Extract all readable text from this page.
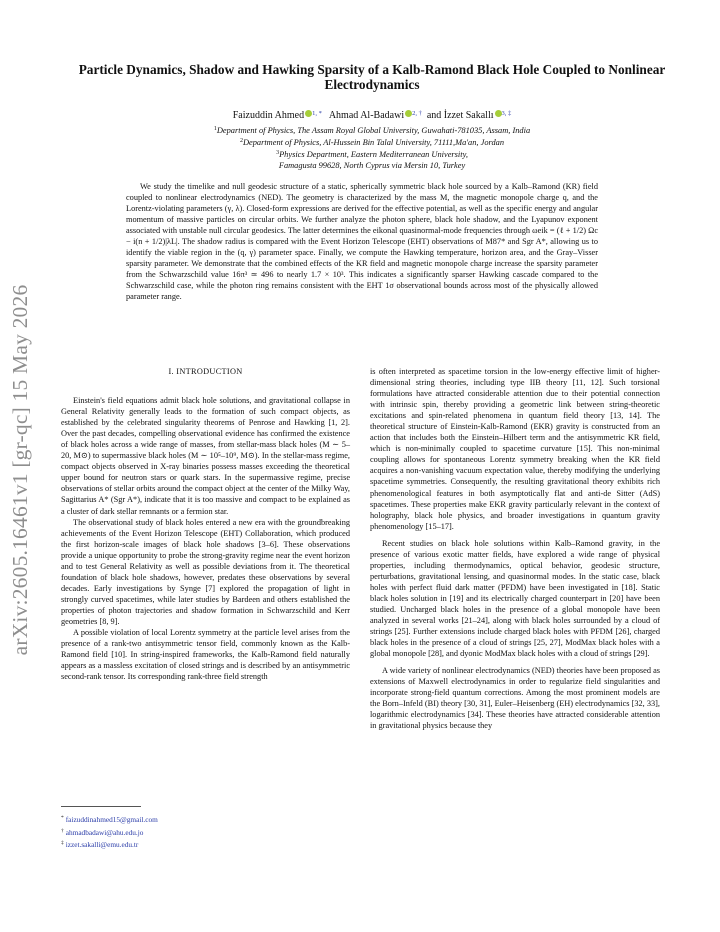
arXiv:2605.16461v1 [gr-qc] 15 May 2026
Particle Dynamics, Shadow and Hawking Sparsity of a Kalb-Ramond Black Hole Coupled to Nonlinear Electrodynamics
Faizuddin Ahmed $^{1, *}$ Ahmad Al-Badawi $^{2, \dagger}$ and İzzet Sakallı $^{3, \ddagger}$
$^1$Department of Physics, The Assam Royal Global University, Guwahati-781035, Assam, India
$^2$Department of Physics, Al-Hussein Bin Talal University, 71111,Ma'an, Jordan
$^3$Physics Department, Eastern Mediterranean University,
Famagusta 99628, North Cyprus via Mersin 10, Turkey
We study the timelike and null geodesic structure of a static, spherically symmetric black hole sourced by a Kalb–Ramond (KR) field coupled to nonlinear electrodynamics (NED). The geometry is characterized by the mass M, the magnetic monopole charge q, and the Lorentz-violating parameters (γ, λ). Closed-form expressions are derived for the effective potential, as well as the specific energy and angular momentum of massive particles on circular orbits. We further analyze the photon sphere, black hole shadow, and the Lyapunov exponent associated with unstable null circular geodesics. The latter determines the eikonal quasinormal-mode frequencies through ωeik = (ℓ + 1/2) Ωc − i(n + 1/2)|λL|. The shadow radius is compared with the Event Horizon Telescope (EHT) observations of M87* and Sgr A*, allowing us to identify the viable region in the (q, γ) parameter space. Finally, we compute the Hawking temperature, horizon area, and the Gray–Visser sparsity parameter. We demonstrate that the combined effects of the KR field and magnetic monopole charge increase the sparsity parameter from the Schwarzschild value 16π³ ≃ 496 to nearly 1.7 × 10³. This indicates a significantly sparser Hawking cascade compared to the Schwarzschild case, while the photon ring remains consistent with the EHT 1σ observational bounds across most of the physically allowed parameter range.
I. INTRODUCTION

Einstein's field equations admit black hole solutions, and gravitational collapse in General Relativity generally leads to the formation of such compact objects, as established by the celebrated singularity theorems of Penrose and Hawking [1, 2]. Over the past decades, compelling observational evidence has confirmed the existence of black holes across a wide range of masses, from stellar-mass black holes (M ∼ 5–20, M⊙) to supermassive black holes (M ∼ 10⁵–10⁹, M⊙). In the stellar-mass regime, compact objects observed in X-ray binaries possess masses exceeding the theoretical upper bound for neutron stars or quark stars. In the supermassive regime, precise observations of stellar orbits around the compact object at the center of the Milky Way, Sagittarius A* (Sgr A*), indicate that it is too massive and compact to be explained as a cluster of dark stellar remnants or a fermion star.

The observational study of black holes entered a new era with the groundbreaking achievements of the Event Horizon Telescope (EHT) Collaboration, which produced the first horizon-scale images of black hole shadows [3–6]. These observations provide a unique opportunity to probe the strong-gravity regime near the event horizon and to test General Relativity as well as possible deviations from it. The theoretical foundation of black hole shadows, however, predates these observations by several decades. Early investigations by Synge [7] explored the propagation of light in strongly curved spacetimes, while later studies by Bardeen and others established the properties of photon trajectories and shadow formation in Schwarzschild and Kerr geometries [8, 9].

A possible violation of local Lorentz symmetry at the particle level arises from the presence of a rank-two antisymmetric tensor field, commonly known as the Kalb-Ramond field [10]. In string-inspired frameworks, the Kalb-Ramond field naturally appears as a massless excitation of closed strings and is described by an antisymmetric second-rank tensor. Its corresponding rank-three field strength

is often interpreted as spacetime torsion in the low-energy effective limit of higher-dimensional string theories, including type IIB theory [11, 12]. Such torsional formulations have attracted considerable attention due to their potential connection with intrinsic spin, thereby providing a geometric link between string-theoretic excitations and spin-related phenomena in quantum field theory [13, 14]. The theoretical structure of Einstein-Kalb-Ramond (EKR) gravity is constructed from an action that includes both the Einstein–Hilbert term and the antisymmetric KR field, which is non-minimally coupled to spacetime curvature [15]. This non-minimal coupling allows for spontaneous Lorentz symmetry breaking when the KR field acquires a non-vanishing vacuum expectation value, thereby modifying the underlying spacetime symmetries. Consequently, the resulting gravitational theory exhibits rich phenomenological features in both asymptotically flat and anti-de Sitter (AdS) spacetimes. These properties make EKR gravity particularly relevant in the context of holography, black hole physics, and broader investigations in quantum gravity phenomenology [15–17].

Recent studies on black hole solutions within Kalb–Ramond gravity, in the presence of various exotic matter fields, have explored a wide range of physical properties, including thermodynamics, optical behavior, geodesic structure, perturbations, gravitational lensing, and quasinormal modes. In the static case, black holes with perfect fluid dark matter (PFDM) have been investigated in [18]. Static black holes solution in [19] and its electrically charged counterpart in [20] have been studied. Uncharged black holes in the presence of a global monopole have been analyzed in several works [21–24], along with black holes surrounded by a cloud of strings [25]. Further extensions include charged black holes with PFDM [26], charged black holes in the presence of a cloud of strings [25, 27], ModMax black holes with a global monopole [28], and dyonic ModMax black holes with a cloud of strings [29].

A wide variety of nonlinear electrodynamics (NED) theories have been proposed as extensions of Maxwell electrodynamics in order to regularize field singularities and incorporate strong-field quantum corrections. Among the most prominent models are the Born–Infeld (BI) theory [30, 31], Euler–Heisenberg (EH) electrodynamics [32, 33], logarithmic electrodynamics [34]. These theories have attracted considerable attention in gravitational physics because they

* faizuddinahmed15@gmail.com
† ahmadbadawi@ahu.edu.jo
‡ izzet.sakalli@emu.edu.tr
